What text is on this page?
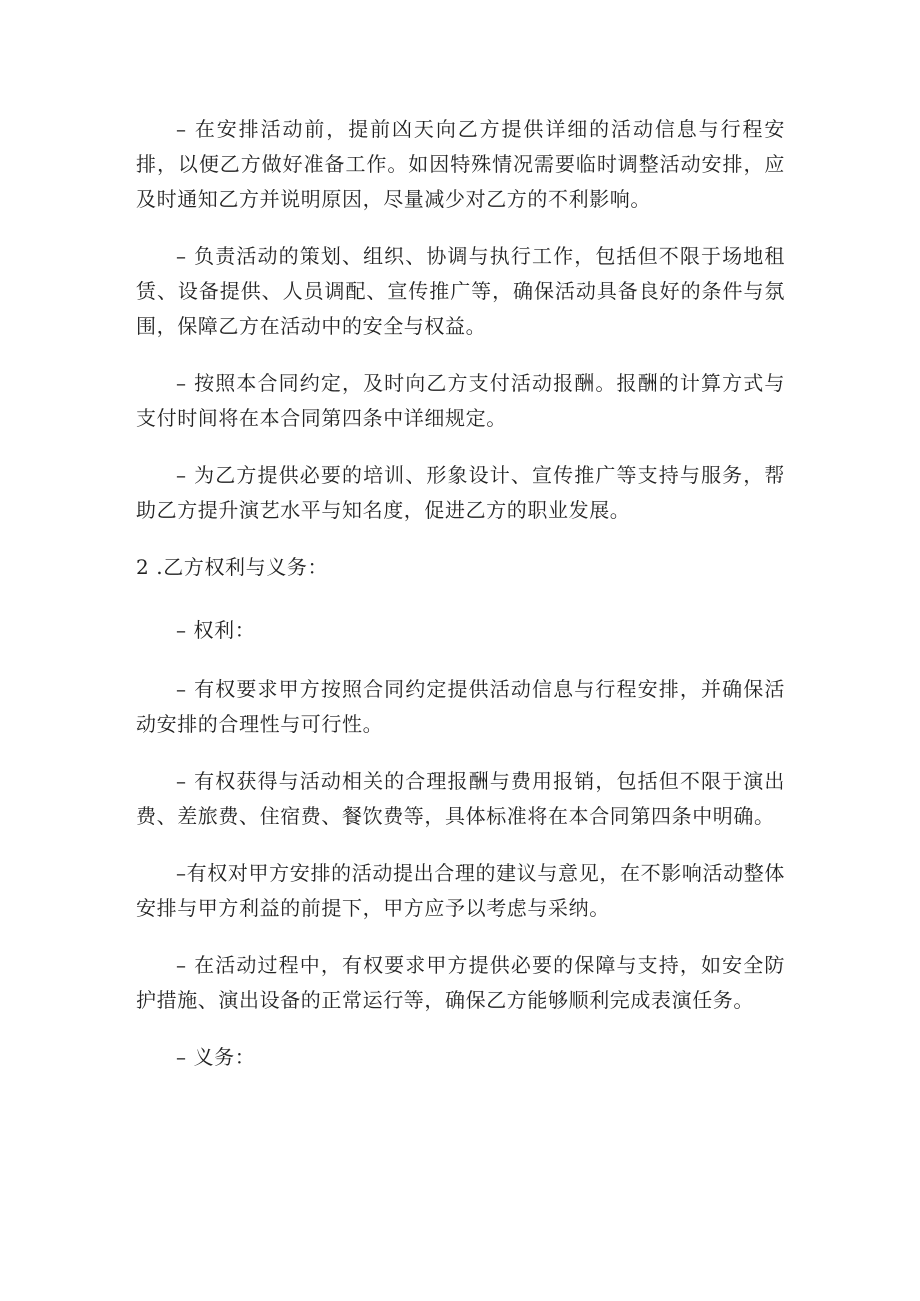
– 在安排活动前，提前凶天向乙方提供详细的活动信息与行程安排，以便乙方做好准备工作。如因特殊情况需要临时调整活动安排，应及时通知乙方并说明原因，尽量减少对乙方的不利影响。

– 负责活动的策划、组织、协调与执行工作，包括但不限于场地租赁、设备提供、人员调配、宣传推广等，确保活动具备良好的条件与氛围，保障乙方在活动中的安全与权益。

– 按照本合同约定，及时向乙方支付活动报酬。报酬的计算方式与支付时间将在本合同第四条中详细规定。

– 为乙方提供必要的培训、形象设计、宣传推广等支持与服务，帮助乙方提升演艺水平与知名度，促进乙方的职业发展。

2 .乙方权利与义务：

– 权利：

– 有权要求甲方按照合同约定提供活动信息与行程安排，并确保活动安排的合理性与可行性。

– 有权获得与活动相关的合理报酬与费用报销，包括但不限于演出费、差旅费、住宿费、餐饮费等，具体标准将在本合同第四条中明确。

–有权对甲方安排的活动提出合理的建议与意见，在不影响活动整体安排与甲方利益的前提下，甲方应予以考虑与采纳。

– 在活动过程中，有权要求甲方提供必要的保障与支持，如安全防护措施、演出设备的正常运行等，确保乙方能够顺利完成表演任务。

– 义务：
